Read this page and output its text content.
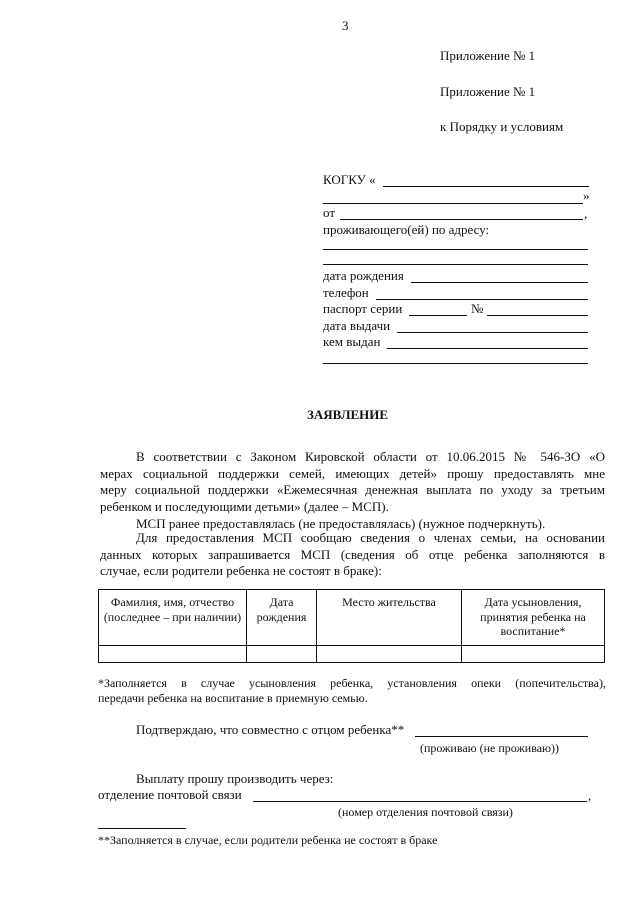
3
Приложение № 1
Приложение № 1
к Порядку и условиям
КОГКУ «
»
от	,
проживающего(ей) по адресу:
дата рождения
телефон
паспорт серии	№
дата выдачи
кем выдан
ЗАЯВЛЕНИЕ
В соответствии с Законом Кировской области от 10.06.2015 № 546-ЗО «О
мерах социальной поддержки семей, имеющих детей» прошу предоставлять мне
меру социальной поддержки «Ежемесячная денежная выплата по уходу за третьим
ребенком и последующими детьми» (далее – МСП).
МСП ранее предоставлялась (не предоставлялась) (нужное подчеркнуть).
Для предоставления МСП сообщаю сведения о членах семьи, на основании
данных которых запрашивается МСП (сведения об отце ребенка заполняются в
случае, если родители ребенка не состоят в браке):
Фамилия, имя, отчество (последнее – при наличии)	Дата рождения	Место жительства	Дата усыновления, принятия ребенка на воспитание*

*Заполняется в случае усыновления ребенка, установления опеки (попечительства),
передачи ребенка на воспитание в приемную семью.
Подтверждаю, что совместно с отцом ребенка**
(проживаю (не проживаю))
Выплату прошу производить через:
отделение почтовой связи	,
(номер отделения почтовой связи)
**Заполняется в случае, если родители ребенка не состоят в браке
